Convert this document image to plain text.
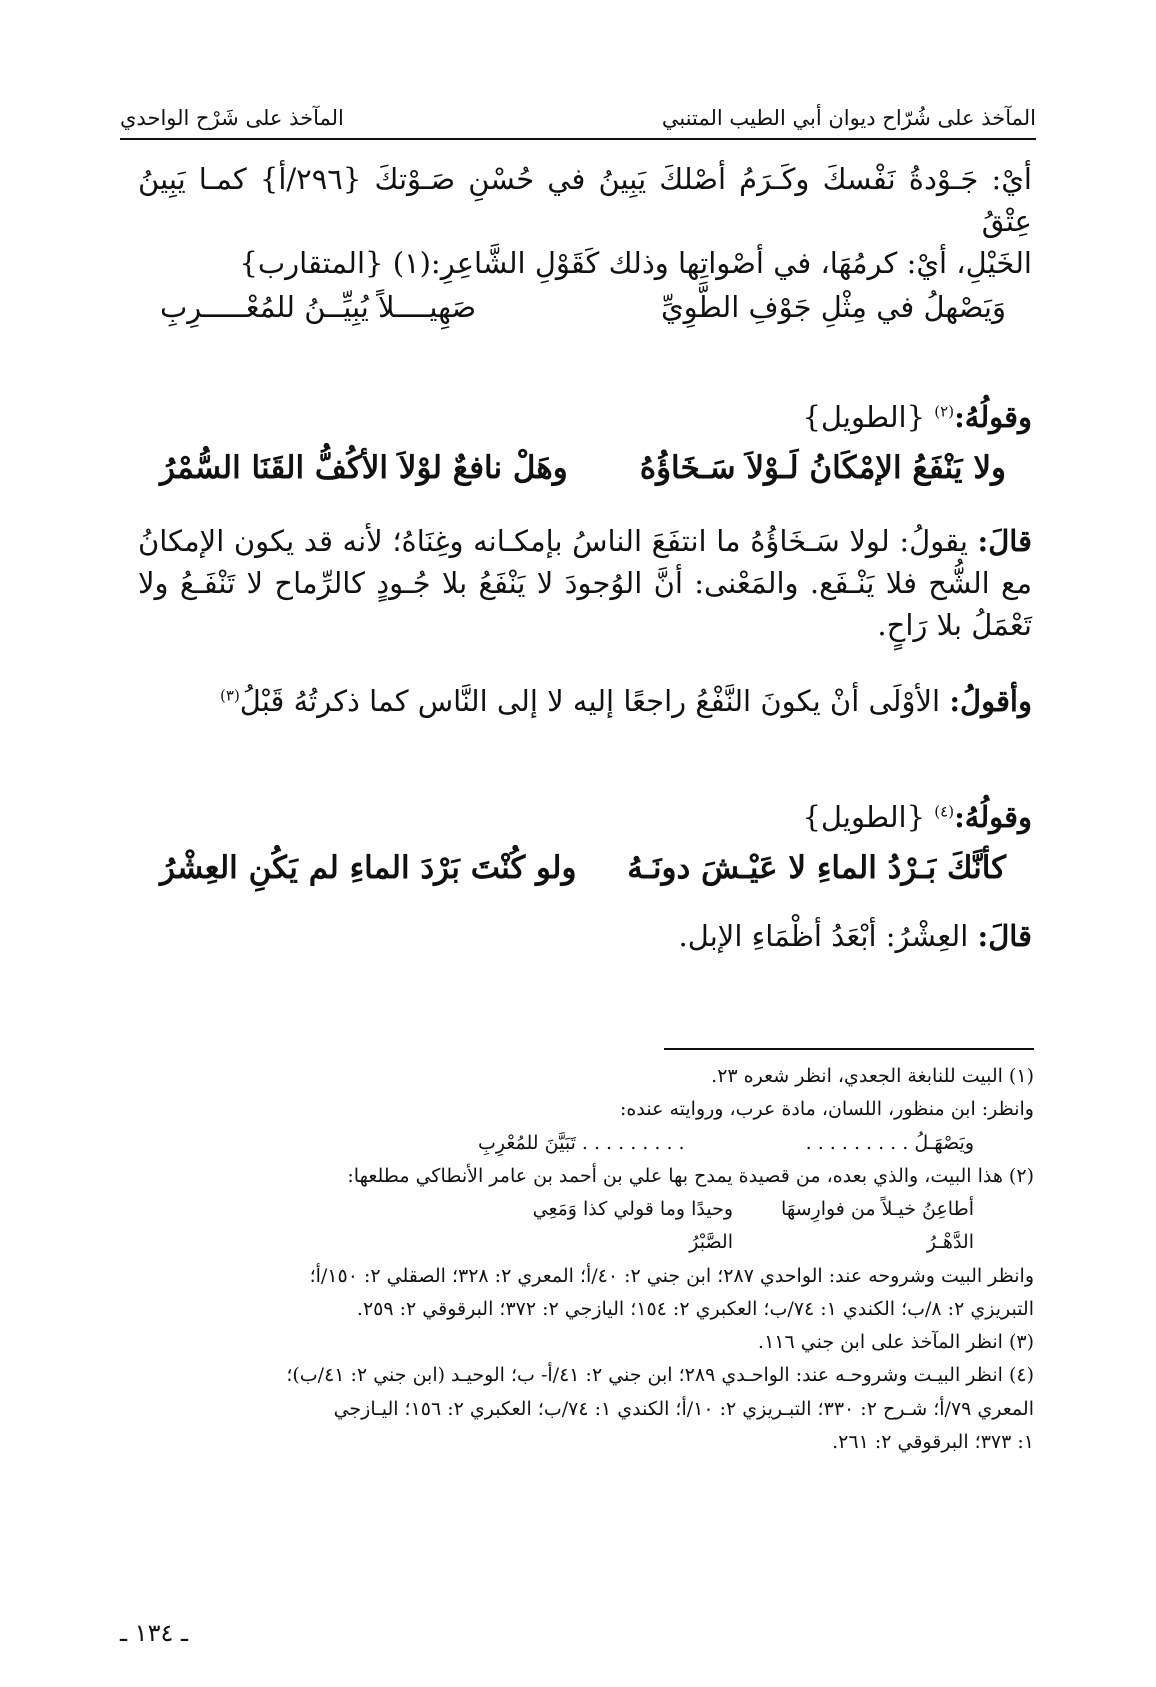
المآخذ على شُرّاح ديوان أبي الطيب المتنبي
المآخذ على شَرْح الواحدي
أيْ: جَـوْدةُ نَفْسكَ وكَـرَمُ أصْلكَ يَبِينُ في حُسْنِ صَـوْتكَ {٢٩٦/أ} كمـا يَبِينُ عِتْقُ
الخَيْلِ، أيْ: كرمُهَا، في أصْواتِها وذلك كَقَوْلِ الشَّاعِرِ:(١) {المتقارب}
وَيَصْهلُ في مِثْلِ جَوْفِ الطَّوِيِّ
صَهِيــــلاً يُبِيِّــنُ للمُعْـــــرِبِ
وقولُهُ:$^{(٢)}$ {الطويل}
ولا يَنْفَعُ الإمْكَانُ لَـوْلاَ سَـخَاؤُهُ
وهَلْ نافعٌ لوْلاَ الأكُفُّ القَنَا السُّمْرُ
قالَ: يقولُ: لولا سَـخَاؤُهُ ما انتفَعَ الناسُ بإمكـانه وغِنَاهُ؛ لأنه قد يكون الإمكانُ مع الشُّح فلا يَنْـفَع. والمَعْنى: أنَّ الوُجودَ لا يَنْفَعُ بلا جُـودٍ كالرِّماح لا تَنْفَـعُ ولا تَعْمَلُ بلا رَاحٍ.
وأقولُ: الأوْلَى أنْ يكونَ النَّفْعُ راجعًا إليه لا إلى النَّاس كما ذكرتُهُ قَبْلُ$^{(٣)}$
وقولُهُ:$^{(٤)}$ {الطويل}
كأنَّكَ بَـرْدُ الماءِ لا عَيْـشَ دونَـهُ
ولو كُنْتَ بَرْدَ الماءِ لم يَكُنِ العِشْرُ
قالَ: العِشْرُ: أبْعَدُ أظْمَاءِ الإبل.
(١) البيت للنابغة الجعدي، انظر شعره ٢٣.
وانظر: ابن منظور، اللسان، مادة عرب، وروايته عنده:
ويَصْهَـلُ . . . . . . . . .
. . . . . . . . . تَبَيَّنَ للمُعْرِبِ
(٢) هذا البيت، والذي بعده، من قصيدة يمدح بها علي بن أحمد بن عامر الأنطاكي مطلعها:
أطاعِنُ خيـلاً من فوارِسهَا الدَّهْـرُ
وحيدًا وما قولي كذا وَمَعِي الصَّبْرُ
وانظر البيت وشروحه عند: الواحدي ٢٨٧؛ ابن جني ٢: ٤٠/أ؛ المعري ٢: ٣٢٨؛ الصقلي ٢: ١٥٠/أ؛
التبريزي ٢: ٨/ب؛ الكندي ١: ٧٤/ب؛ العكبري ٢: ١٥٤؛ اليازجي ٢: ٣٧٢؛ البرقوقي ٢: ٢٥٩.
(٣) انظر المآخذ على ابن جني ١١٦.
(٤) انظر البيـت وشروحـه عند: الواحـدي ٢٨٩؛ ابن جني ٢: ٤١/أ- ب؛ الوحيـد (ابن جني ٢: ٤١/ب)؛
المعري ٧٩/أ؛ شـرح ٢: ٣٣٠؛ التبـريزي ٢: ١٠/أ؛ الكندي ١: ٧٤/ب؛ العكبري ٢: ١٥٦؛ اليـازجي
١: ٣٧٣؛ البرقوقي ٢: ٢٦١.
ـ ١٣٤ ـ
